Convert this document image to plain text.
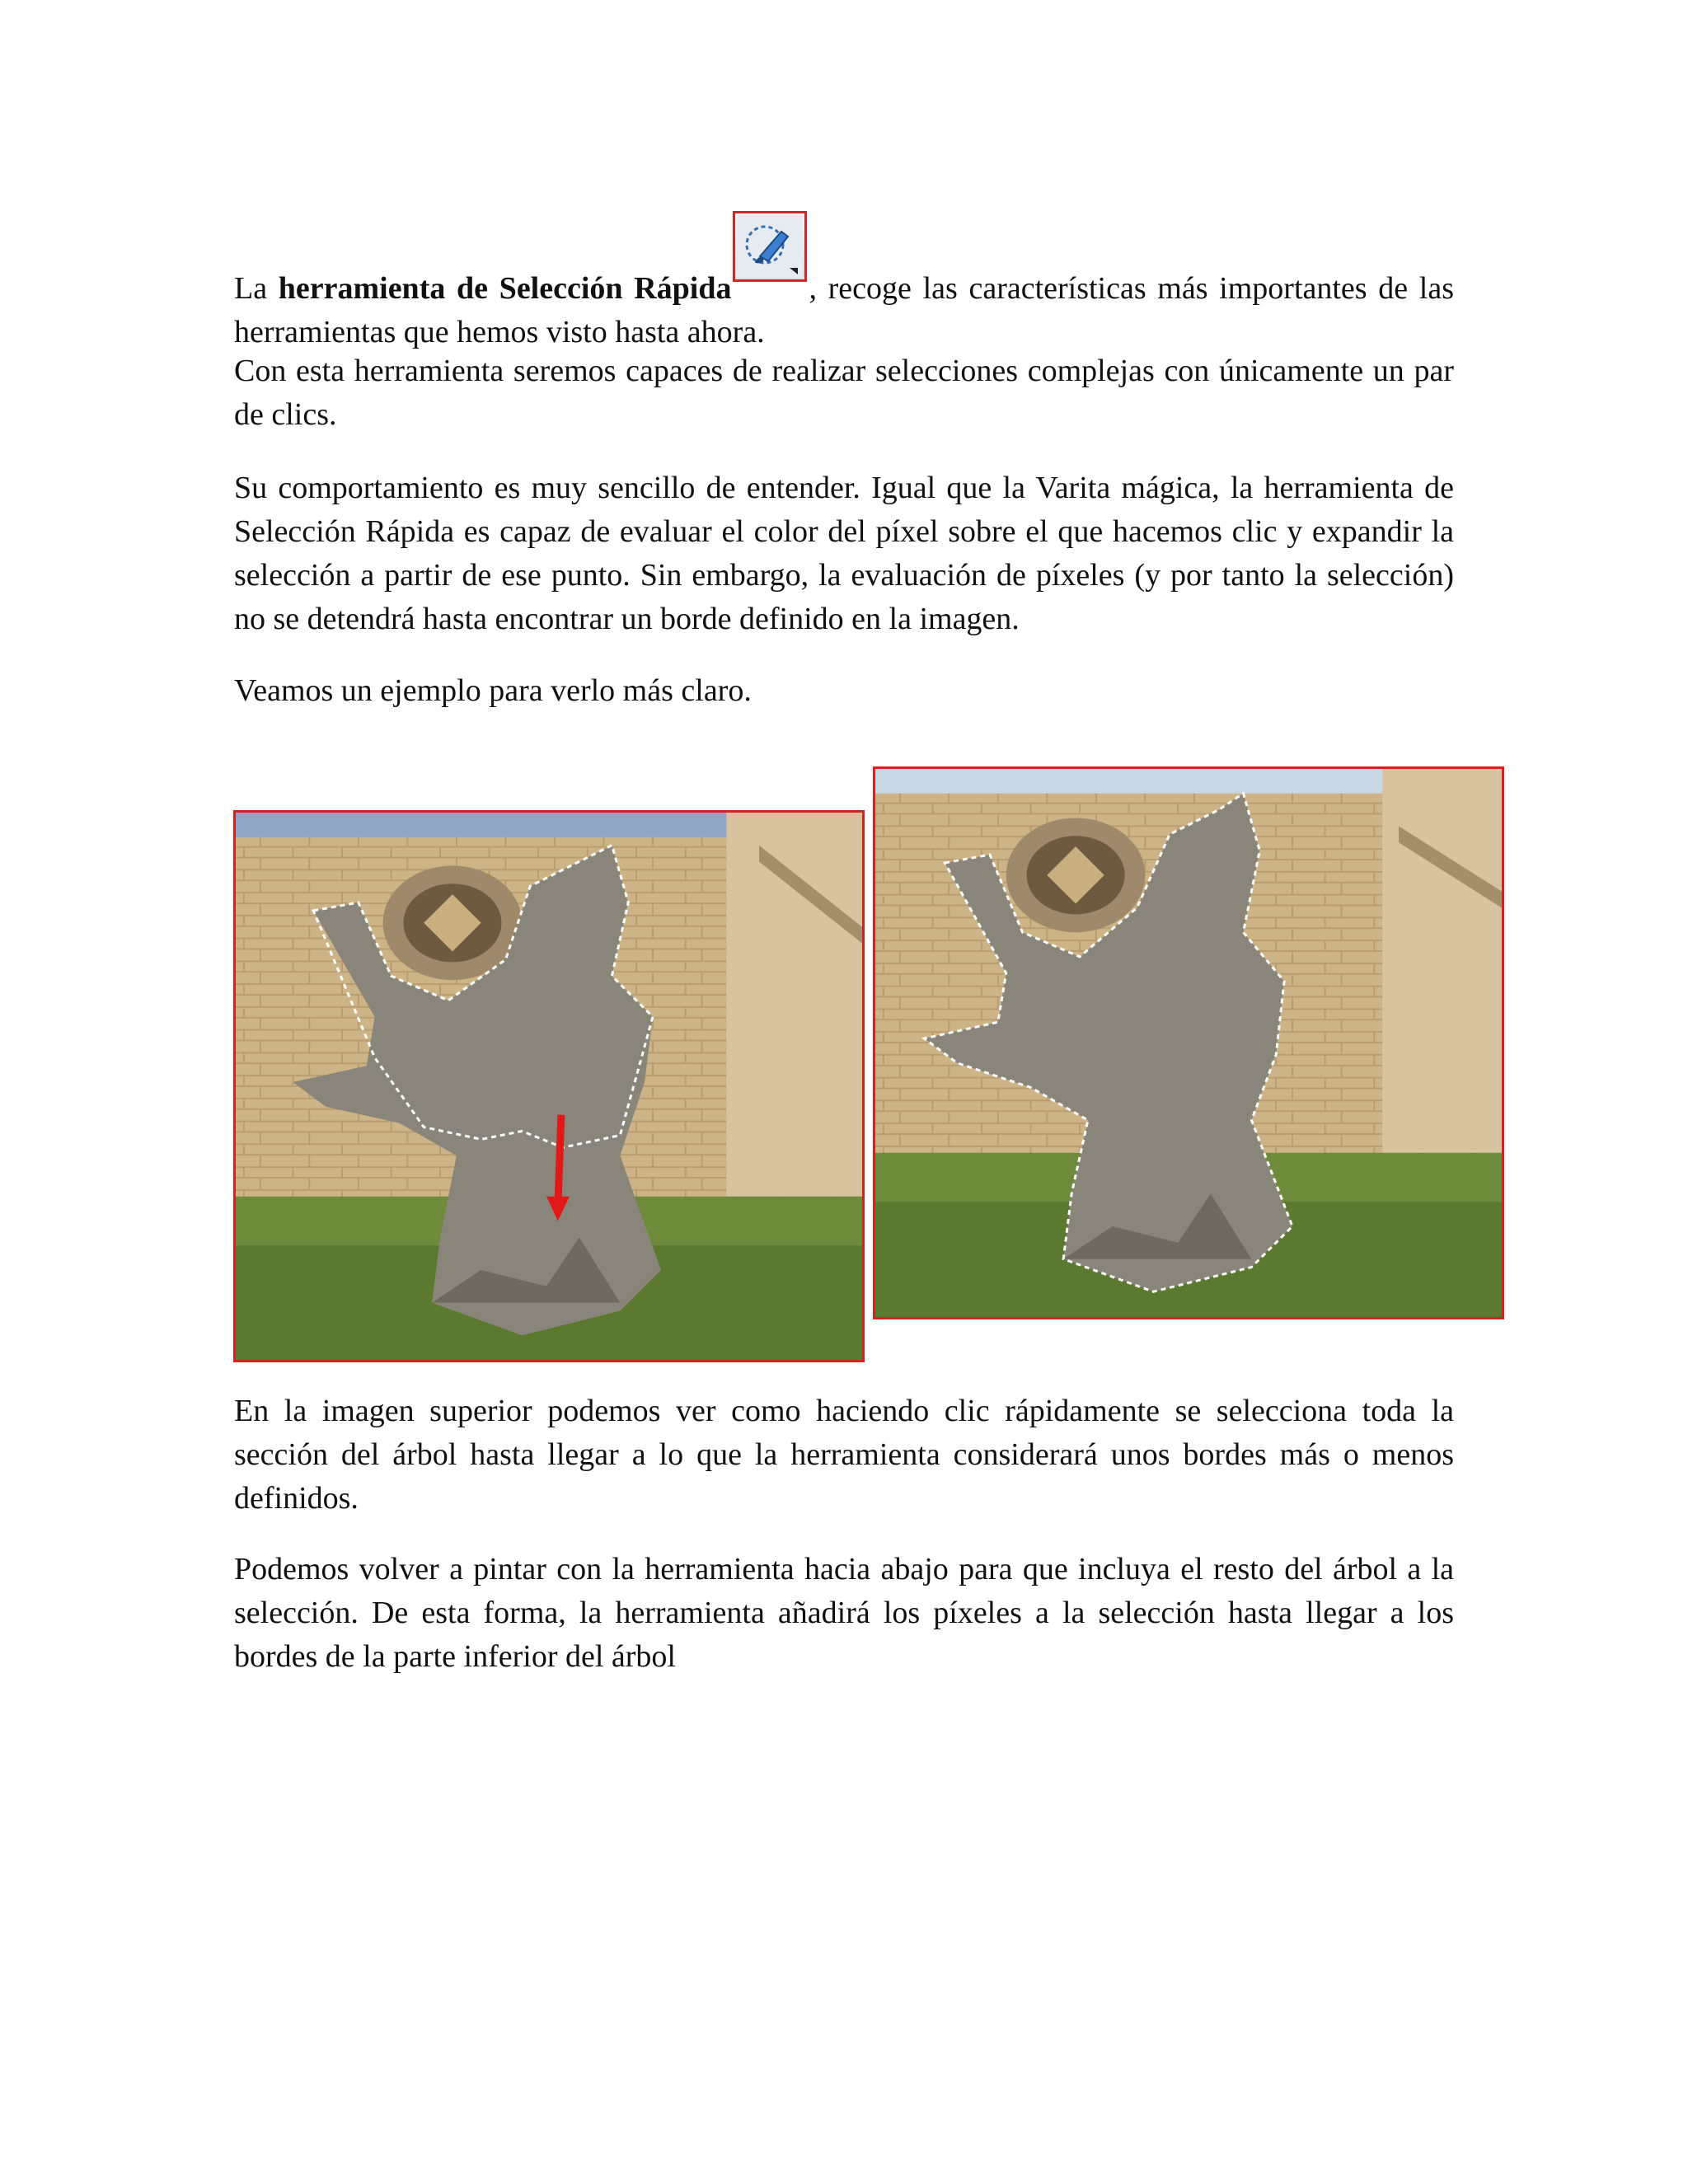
La herramienta de Selección Rápida , recoge las características más importantes de las herramientas que hemos visto hasta ahora.

Con esta herramienta seremos capaces de realizar selecciones complejas con únicamente un par de clics.

Su comportamiento es muy sencillo de entender. Igual que la Varita mágica, la herramienta de Selección Rápida es capaz de evaluar el color del píxel sobre el que hacemos clic y expandir la selección a partir de ese punto. Sin embargo, la evaluación de píxeles (y por tanto la selección) no se detendrá hasta encontrar un borde definido en la imagen.

Veamos un ejemplo para verlo más claro.

En la imagen superior podemos ver como haciendo clic rápidamente se selecciona toda la sección del árbol hasta llegar a lo que la herramienta considerará unos bordes más o menos definidos.

Podemos volver a pintar con la herramienta hacia abajo para que incluya el resto del árbol a la selección. De esta forma, la herramienta añadirá los píxeles a la selección hasta llegar a los bordes de la parte inferior del árbol
